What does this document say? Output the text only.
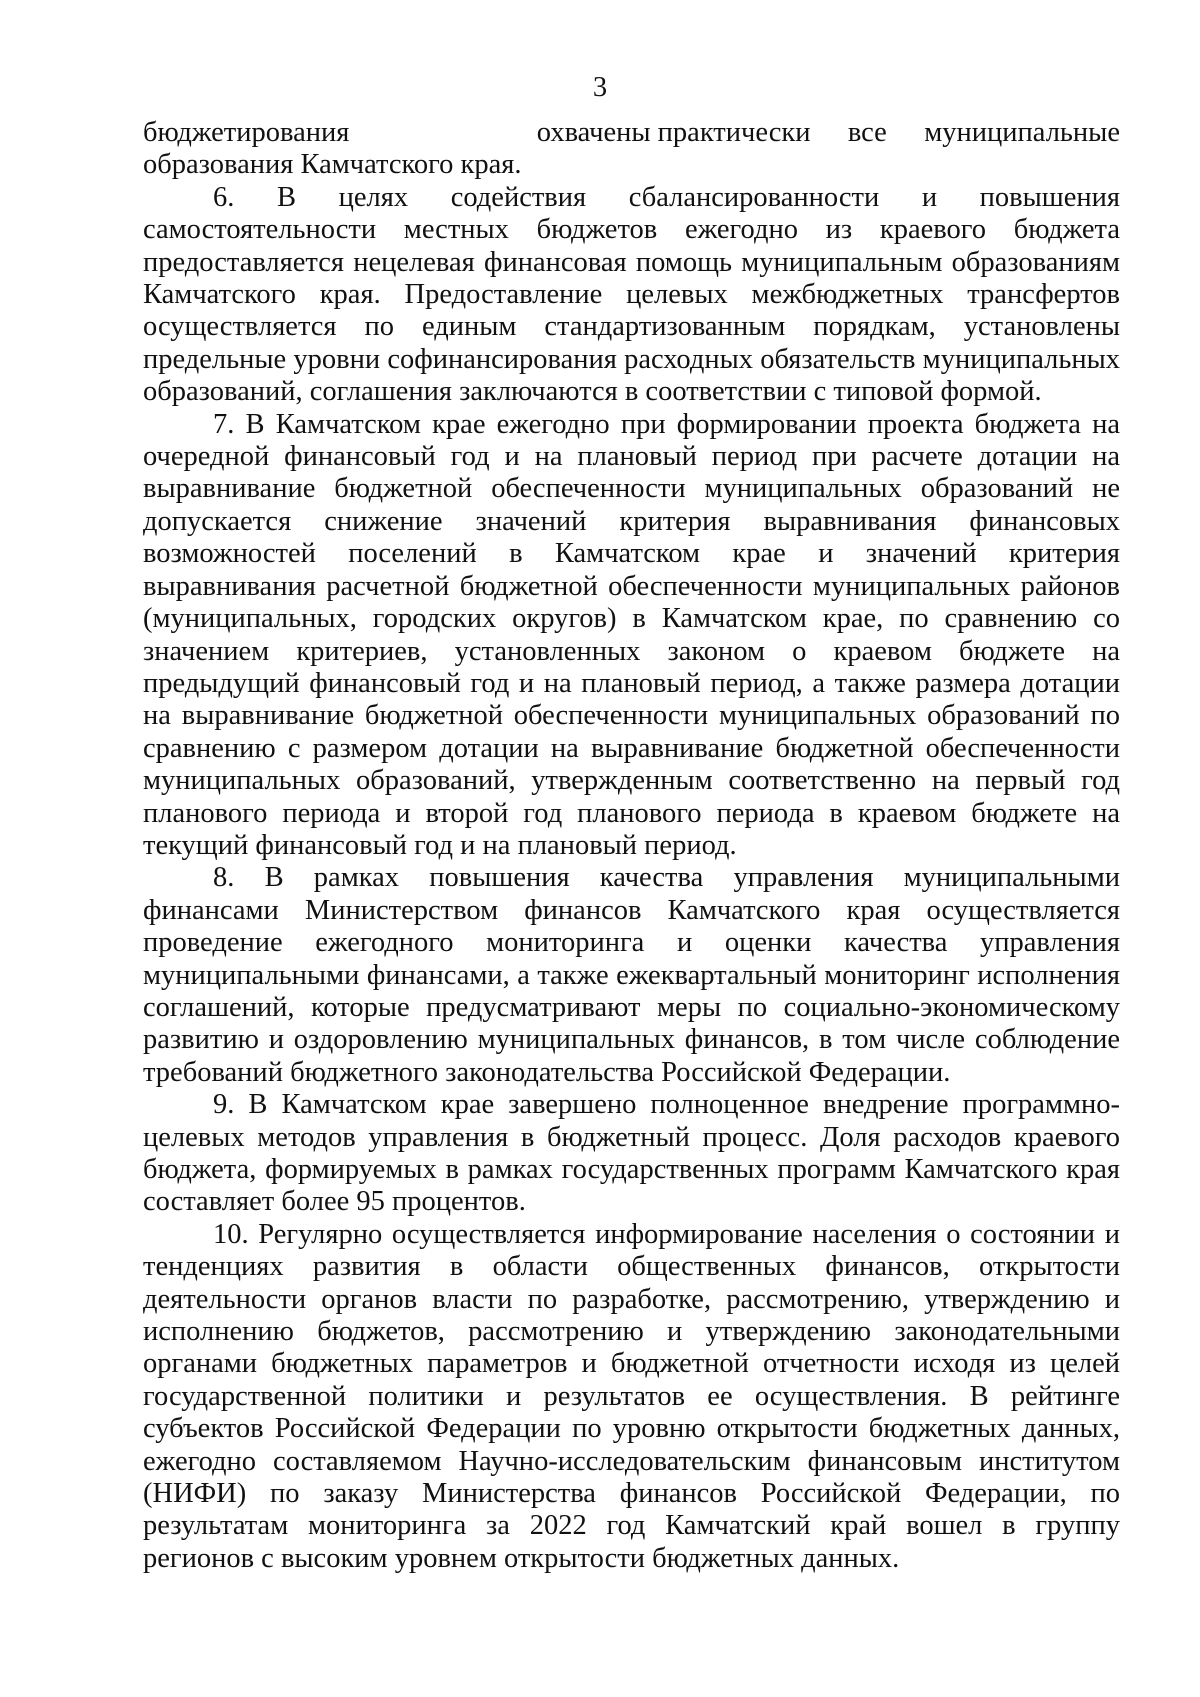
3
бюджетирования	охвачены практически все муниципальные

образования Камчатского края.

6. В целях содействия сбалансированности и повышения самостоятельности местных бюджетов ежегодно из краевого бюджета предоставляется нецелевая финансовая помощь муниципальным образованиям Камчатского края. Предоставление целевых межбюджетных трансфертов осуществляется по единым стандартизованным порядкам, установлены предельные уровни софинансирования расходных обязательств муниципальных образований, соглашения заключаются в соответствии с типовой формой.

7. В Камчатском крае ежегодно при формировании проекта бюджета на очередной финансовый год и на плановый период при расчете дотации на выравнивание бюджетной обеспеченности муниципальных образований не допускается снижение значений критерия выравнивания финансовых возможностей поселений в Камчатском крае и значений критерия выравнивания расчетной бюджетной обеспеченности муниципальных районов (муниципальных, городских округов) в Камчатском крае, по сравнению со значением критериев, установленных законом о краевом бюджете на предыдущий финансовый год и на плановый период, а также размера дотации на выравнивание бюджетной обеспеченности муниципальных образований по сравнению с размером дотации на выравнивание бюджетной обеспеченности муниципальных образований, утвержденным соответственно на первый год планового периода и второй год планового периода в краевом бюджете на текущий финансовый год и на плановый период.

8. В рамках повышения качества управления муниципальными финансами Министерством финансов Камчатского края осуществляется проведение ежегодного мониторинга и оценки качества управления муниципальными финансами, а также ежеквартальный мониторинг исполнения соглашений, которые предусматривают меры по социально-экономическому развитию и оздоровлению муниципальных финансов, в том числе соблюдение требований бюджетного законодательства Российской Федерации.

9. В Камчатском крае завершено полноценное внедрение программно-целевых методов управления в бюджетный процесс. Доля расходов краевого бюджета, формируемых в рамках государственных программ Камчатского края составляет более 95 процентов.

10. Регулярно осуществляется информирование населения о состоянии и тенденциях развития в области общественных финансов, открытости деятельности органов власти по разработке, рассмотрению, утверждению и исполнению бюджетов, рассмотрению и утверждению законодательными органами бюджетных параметров и бюджетной отчетности исходя из целей государственной политики и результатов ее осуществления. В рейтинге субъектов Российской Федерации по уровню открытости бюджетных данных, ежегодно составляемом Научно-исследовательским финансовым институтом (НИФИ) по заказу Министерства финансов Российской Федерации, по результатам мониторинга за 2022 год Камчатский край вошел в группу регионов с высоким уровнем открытости бюджетных данных.
